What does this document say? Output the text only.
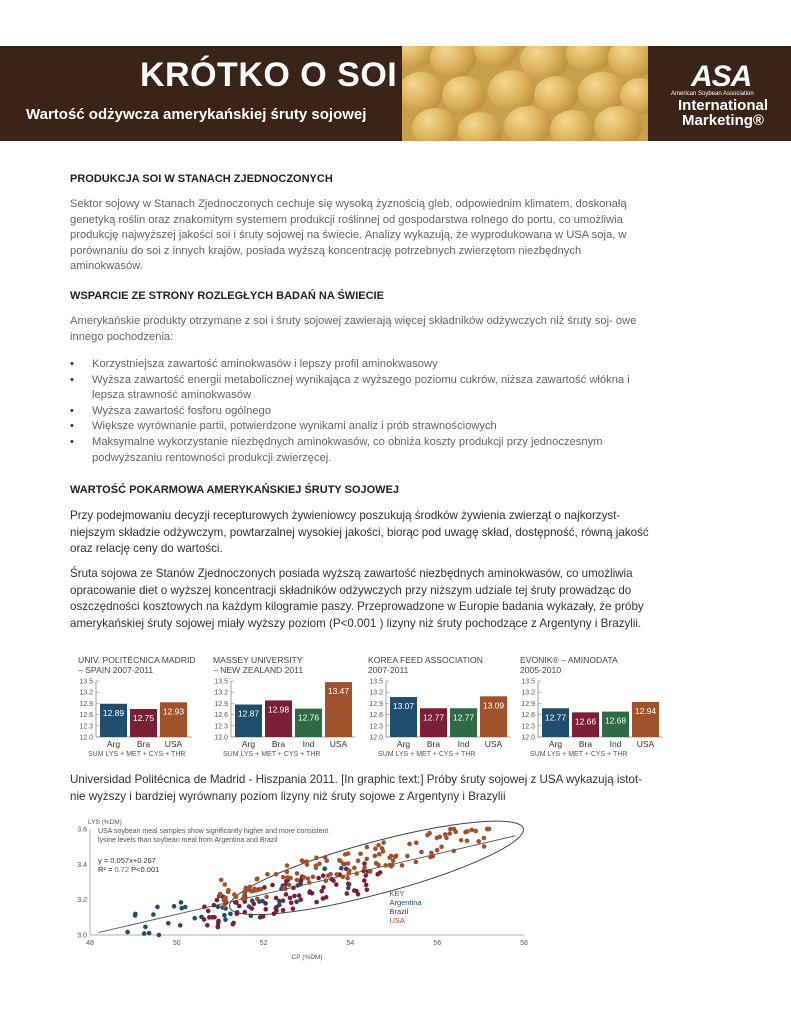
KRÓTKO O SOI
Wartość odżywcza amerykańskiej śruty sojowej
ASA
American Soybean Association
International
Marketing®
PRODUKCJA SOI W STANACH ZJEDNOCZONYCH

Sektor sojowy w Stanach Zjednoczonych cechuje się wysoką żyznością gleb, odpowiednim klimatem, doskonałą genetyką roślin oraz znakomitym systemem produkcji roślinnej od gospodarstwa rolnego do portu, co umożliwia produkcję najwyższej jakości soi i śruty sojowej na świecie. Analizy wykazują, że wyprodukowana w USA soja, w porównaniu do soi z innych krajów, posiada wyższą koncentrację potrzebnych zwierzętom niezbędnych aminokwasów.

WSPARCIE ZE STRONY ROZLEGŁYCH BADAŃ NA ŚWIECIE

Amerykańskie produkty otrzymane z soi i śruty sojowej zawierają więcej składników odżywczych niż śruty soj- owe innego pochodzenia:

• Korzystniejsza zawartość aminokwasów i lepszy profil aminokwasowy
• Wyższa zawartość energii metabolicznej wynikająca z wyższego poziomu cukrów, niższa zawartość włókna i lepsza strawność aminokwasów
• Wyższa zawartość fosforu ogólnego
• Większe wyrównanie partii, potwierdzone wynikami analiz i prób strawnościowych
• Maksymalne wykorzystanie niezbędnych aminokwasów, co obniża koszty produkcji przy jednoczesnym podwyższaniu rentowności produkcji zwierzęcej.
WARTOŚĆ POKARMOWA AMERYKAŃSKIEJ ŚRUTY SOJOWEJ

Przy podejmowaniu decyzji recepturowych żywieniowcy poszukują środków żywienia zwierząt o najkorzyst- niejszym składzie odżywczym, powtarzalnej wysokiej jakości, biorąc pod uwagę skład, dostępność, równą jakość oraz relację ceny do wartości.

Śruta sojowa ze Stanów Zjednoczonych posiada wyższą zawartość niezbędnych aminokwasów, co umożliwia opracowanie diet o wyższej koncentracji składników odżywczych przy niższym udziale tej śruty prowadząc do oszczędności kosztowych na każdym kilogramie paszy. Przeprowadzone w Europie badania wykazały, że próby amerykańskiej śruty sojowej miały wyższy poziom (P<0.001 ) lizyny niż śruty pochodzące z Argentyny i Brazylii.

UNIV. POLITÉCNICA MADRID
– SPAIN 2007-2011
13.5
13.2
12.9
12.6
12.3
12.0
12.89
Arg
12.75
Bra
12.93
USA
SUM LYS + MET + CYS + THR
MASSEY UNIVERSITY
– NEW ZEALAND 2011
13.5
13.2
12.9
12.6
12.3
12.0
12.87
Arg
12.98
Bra
12.76
Ind
13.47
USA
SUM LYS + MET + CYS + THR
KOREA FEED ASSOCIATION
2007-2011
13.5
13.2
12.9
12.6
12.3
12.0
13.07
Arg
12.77
Bra
12.77
Ind
13.09
USA
SUM LYS + MET + CYS + THR
EVONIK® – AMINODATA
2005-2010
13.5
13.2
12.9
12.6
12.3
12.0
12.77
Arg
12.66
Bra
12.68
Ind
12.94
USA
SUM LYS + MET + CYS + THR

Universidad Politécnica de Madrid - Hiszpania 2011. [In graphic text:] Próby śruty sojowej z USA wykazują istot- nie wyższy i bardziej wyrównany poziom lizyny niż śruty sojowe z Argentyny i Brazylii

48	50	52	54	56	58
3.6
3.4
3.2
3.0
LYS (%DM)
CP (%DM)
USA soybean meal samples show significantly higher and more consistent
lysine levels than soybean meal from Argentina and Brazil
y = 0.057x+0.267
R² = 0.72 P<0.001
KEY
Argentina
Brazil
USA
